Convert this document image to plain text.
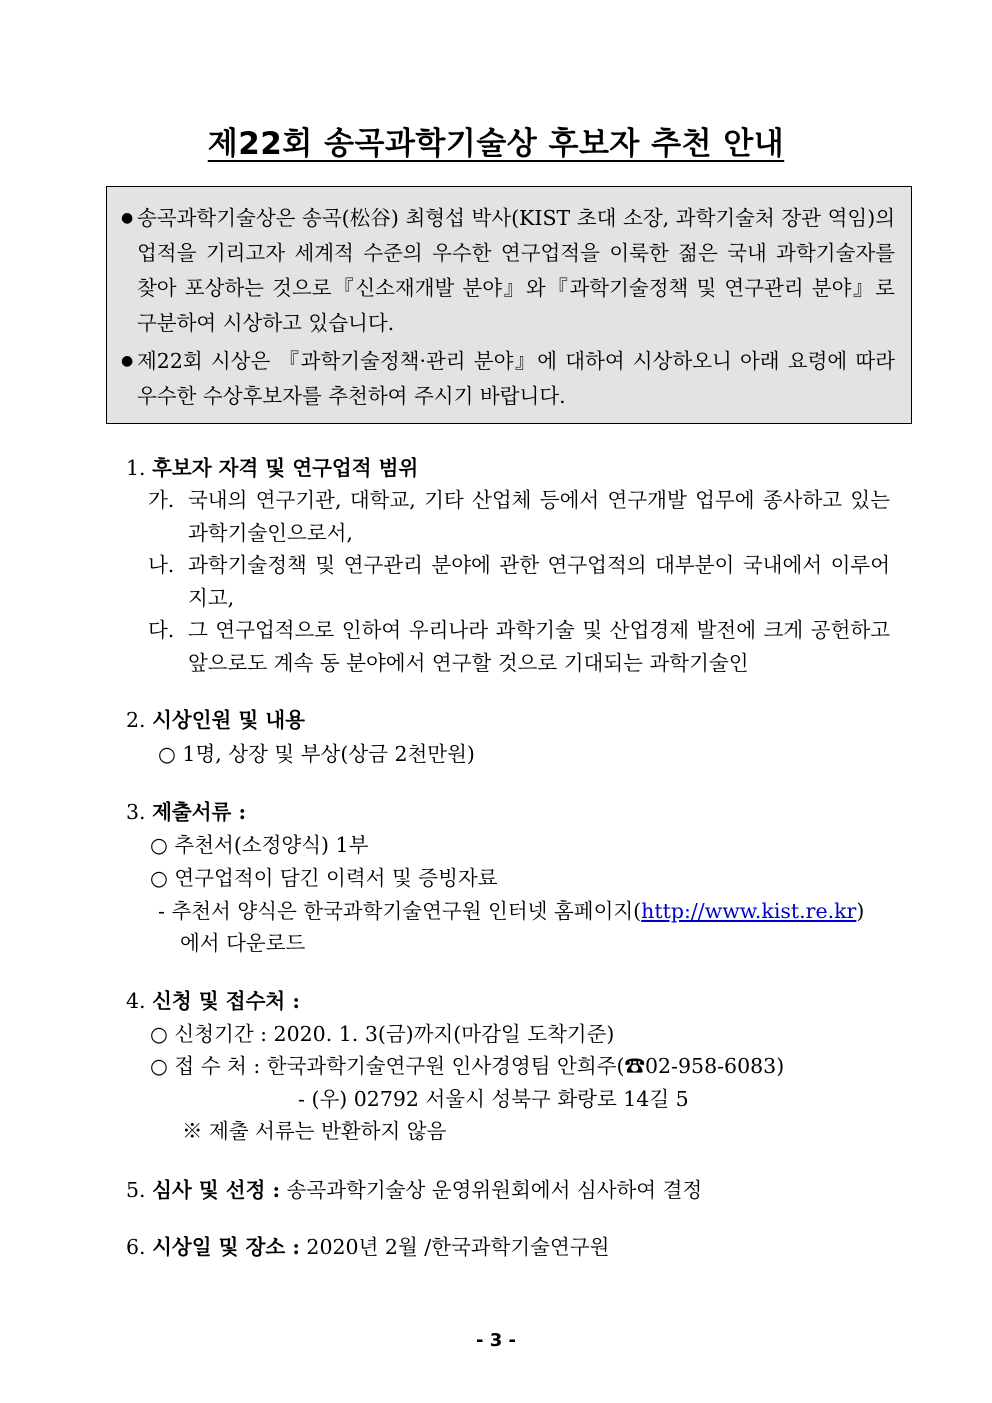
제22회 송곡과학기술상 후보자 추천 안내
● 송곡과학기술상은 송곡(松谷) 최형섭 박사(KIST 초대 소장, 과학기술처 장관 역임)의 업적을 기리고자 세계적 수준의 우수한 연구업적을 이룩한 젊은 국내 과학기술자를 찾아 포상하는 것으로『신소재개발 분야』와『과학기술정책 및 연구관리 분야』로 구분하여 시상하고 있습니다.
● 제22회 시상은 『과학기술정책·관리 분야』에 대하여 시상하오니 아래 요령에 따라 우수한 수상후보자를 추천하여 주시기 바랍니다.
1. 후보자 자격 및 연구업적 범위
가. 국내의 연구기관, 대학교, 기타 산업체 등에서 연구개발 업무에 종사하고 있는 과학기술인으로서,
나. 과학기술정책 및 연구관리 분야에 관한 연구업적의 대부분이 국내에서 이루어지고,
다. 그 연구업적으로 인하여 우리나라 과학기술 및 산업경제 발전에 크게 공헌하고 앞으로도 계속 동 분야에서 연구할 것으로 기대되는 과학기술인
2. 시상인원 및 내용
○ 1명, 상장 및 부상(상금 2천만원)
3. 제출서류 :
○ 추천서(소정양식) 1부
○ 연구업적이 담긴 이력서 및 증빙자료
- 추천서 양식은 한국과학기술연구원 인터넷 홈페이지(http://www.kist.re.kr)
에서 다운로드
4. 신청 및 접수처 :
○ 신청기간 : 2020. 1. 3(금)까지(마감일 도착기준)
○ 접 수 처 : 한국과학기술연구원 인사경영팀 안희주(☎02-958-6083)
- (우) 02792 서울시 성북구 화랑로 14길 5
※ 제출 서류는 반환하지 않음
5. 심사 및 선정 : 송곡과학기술상 운영위원회에서 심사하여 결정
6. 시상일 및 장소 : 2020년 2월 /한국과학기술연구원
- 3 -
